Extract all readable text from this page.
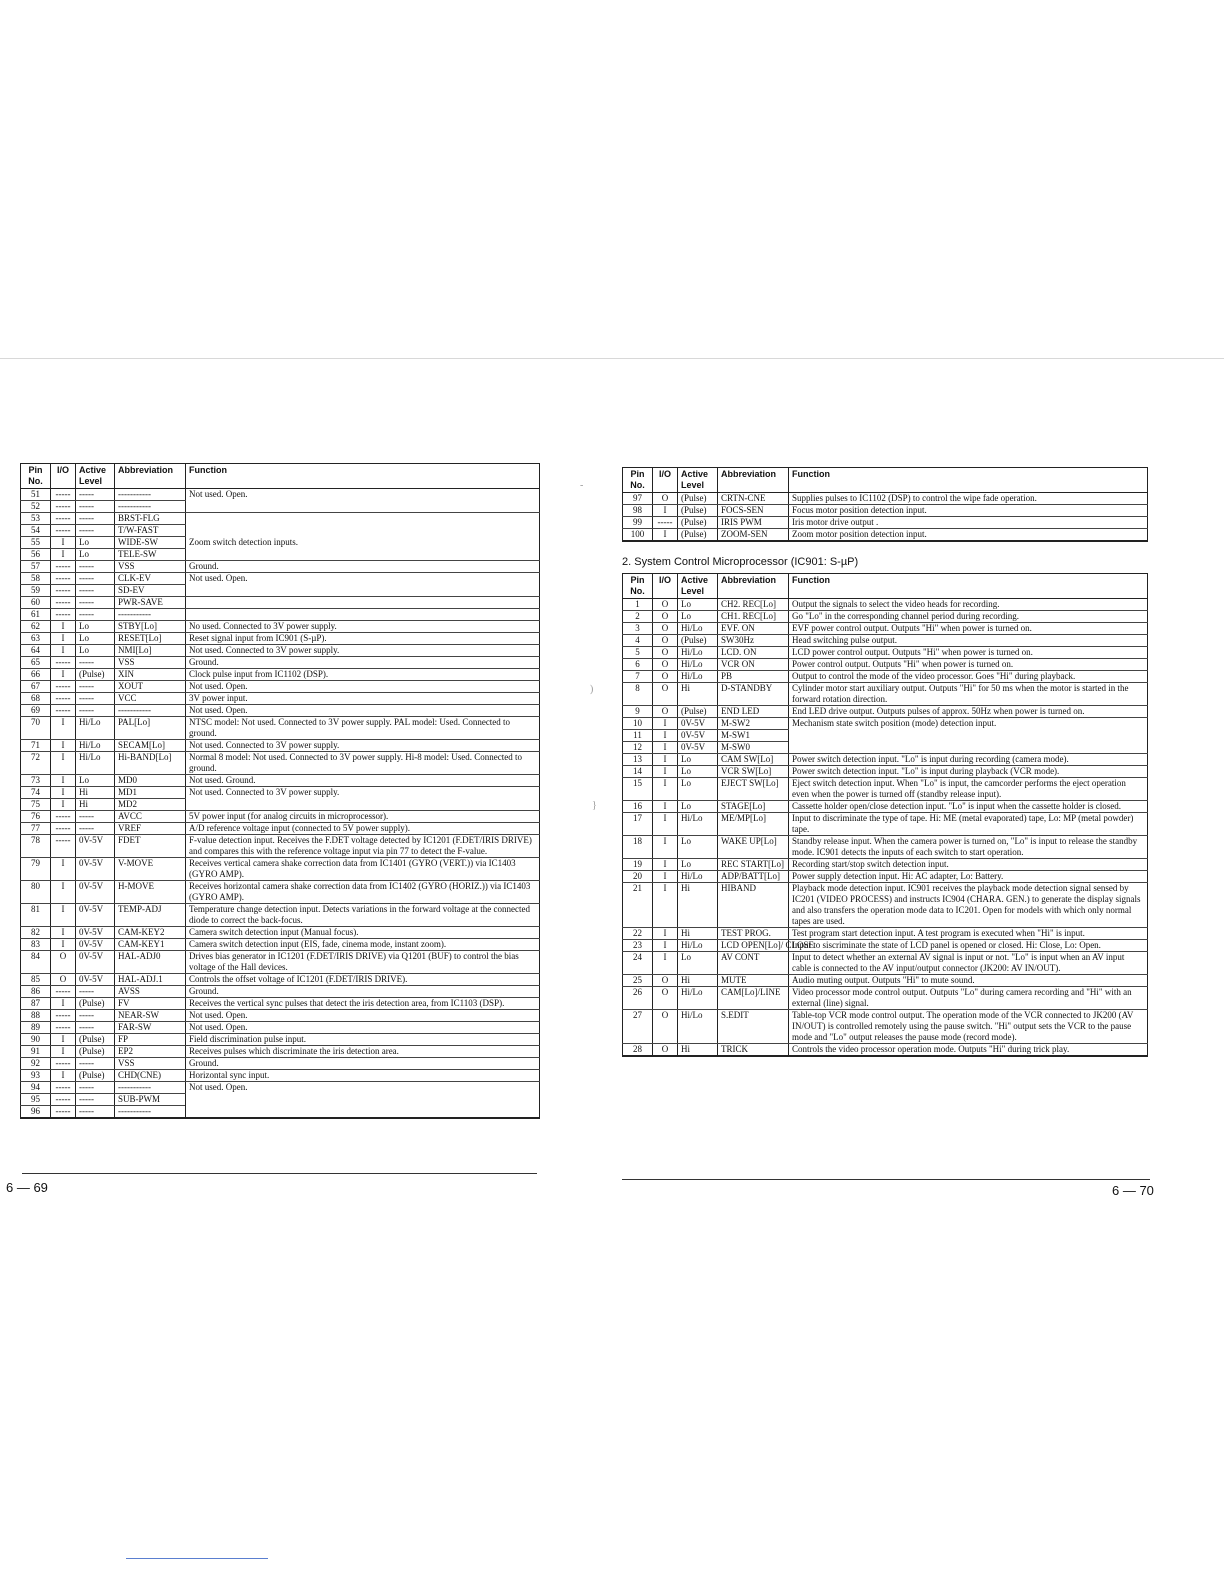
Pin No.	I/O	Active Level	Abbreviation	Function
51	-----	-----	-----------	Not used. Open.
52	-----	-----	-----------	
53	-----	-----	BRST-FLG	
54	-----	-----	T/W-FAST	
55	I	Lo	WIDE-SW	Zoom switch detection inputs.
56	I	Lo	TELE-SW	
57	-----	-----	VSS	Ground.
58	-----	-----	CLK-EV	Not used. Open.
59	-----	-----	SD-EV	
60	-----	-----	PWR-SAVE	
61	-----	-----	-----------	
62	I	Lo	STBY[Lo]	No used. Connected to 3V power supply.
63	I	Lo	RESET[Lo]	Reset signal input from IC901 (S-µP).
64	I	Lo	NMI[Lo]	Not used. Connected to 3V power supply.
65	-----	-----	VSS	Ground.
66	I	(Pulse)	XIN	Clock pulse input from IC1102 (DSP).
67	-----	-----	XOUT	Not used. Open.
68	-----	-----	VCC	3V power input.
69	-----	-----	-----------	Not used. Open.
70	I	Hi/Lo	PAL[Lo]	NTSC model: Not used. Connected to 3V power supply. PAL model: Used. Connected to ground.
71	I	Hi/Lo	SECAM[Lo]	Not used. Connected to 3V power supply.
72	I	Hi/Lo	Hi-BAND[Lo]	Normal 8 model: Not used. Connected to 3V power supply. Hi-8 model: Used. Connected to ground.
73	I	Lo	MD0	Not used. Ground.
74	I	Hi	MD1	Not used. Connected to 3V power supply.
75	I	Hi	MD2	
76	-----	-----	AVCC	5V power input (for analog circuits in microprocessor).
77	-----	-----	VREF	A/D reference voltage input (connected to 5V power supply).
78	-----	0V-5V	FDET	F-value detection input. Receives the F.DET voltage detected by IC1201 (F.DET/IRIS DRIVE) and compares this with the reference voltage input via pin 77 to detect the F-value.
79	I	0V-5V	V-MOVE	Receives vertical camera shake correction data from IC1401 (GYRO (VERT.)) via IC1403 (GYRO AMP).
80	I	0V-5V	H-MOVE	Receives horizontal camera shake correction data from IC1402 (GYRO (HORIZ.)) via IC1403 (GYRO AMP).
81	I	0V-5V	TEMP-ADJ	Temperature change detection input. Detects variations in the forward voltage at the connected diode to correct the back-focus.
82	I	0V-5V	CAM-KEY2	Camera switch detection input (Manual focus).
83	I	0V-5V	CAM-KEY1	Camera switch detection input (EIS, fade, cinema mode, instant zoom).
84	O	0V-5V	HAL-ADJ0	Drives bias generator in IC1201 (F.DET/IRIS DRIVE) via Q1201 (BUF) to control the bias voltage of the Hall devices.
85	O	0V-5V	HAL-ADJ.1	Controls the offset voltage of IC1201 (F.DET/IRIS DRIVE).
86	-----	-----	AVSS	Ground.
87	I	(Pulse)	FV	Receives the vertical sync pulses that detect the iris detection area, from IC1103 (DSP).
88	-----	-----	NEAR-SW	Not used. Open.
89	-----	-----	FAR-SW	Not used. Open.
90	I	(Pulse)	FP	Field discrimination pulse input.
91	I	(Pulse)	EP2	Receives pulses which discriminate the iris detection area.
92	-----	-----	VSS	Ground.
93	I	(Pulse)	CHD(CNE)	Horizontal sync input.
94	-----	-----	-----------	Not used. Open.
95	-----	-----	SUB-PWM	
96	-----	-----	-----------	
-
)
}
Pin No.	I/O	Active Level	Abbreviation	Function
97	O	(Pulse)	CRTN-CNE	Supplies pulses to IC1102 (DSP) to control the wipe fade operation.
98	I	(Pulse)	FOCS-SEN	Focus motor position detection input.
99	-----	(Pulse)	IRIS PWM	Iris motor drive output .
100	I	(Pulse)	ZOOM-SEN	Zoom motor position detection input.
2. System Control Microprocessor (IC901: S-µP)
Pin No.	I/O	Active Level	Abbreviation	Function
1	O	Lo	CH2. REC[Lo]	Output the signals to select the video heads for recording.
2	O	Lo	CH1. REC[Lo]	Go "Lo" in the corresponding channel period during recording.
3	O	Hi/Lo	EVF. ON	EVF power control output. Outputs "Hi" when power is turned on.
4	O	(Pulse)	SW30Hz	Head switching pulse output.
5	O	Hi/Lo	LCD. ON	LCD power control output. Outputs "Hi" when power is turned on.
6	O	Hi/Lo	VCR ON	Power control output. Outputs "Hi" when power is turned on.
7	O	Hi/Lo	PB	Output to control the mode of the video processor. Goes "Hi" during playback.
8	O	Hi	D-STANDBY	Cylinder motor start auxiliary output. Outputs "Hi" for 50 ms when the motor is started in the forward rotation direction.
9	O	(Pulse)	END LED	End LED drive output. Outputs pulses of approx. 50Hz when power is turned on.
10	I	0V-5V	M-SW2	Mechanism state switch position (mode) detection input.
11	I	0V-5V	M-SW1	
12	I	0V-5V	M-SW0	
13	I	Lo	CAM SW[Lo]	Power switch detection input. "Lo" is input during recording (camera mode).
14	I	Lo	VCR SW[Lo]	Power switch detection input. "Lo" is input during playback (VCR mode).
15	I	Lo	EJECT SW[Lo]	Eject switch detection input. When "Lo" is input, the camcorder performs the eject operation even when the power is turned off (standby release input).
16	I	Lo	STAGE[Lo]	Cassette holder open/close detection input. "Lo" is input when the cassette holder is closed.
17	I	Hi/Lo	ME/MP[Lo]	Input to discriminate the type of tape. Hi: ME (metal evaporated) tape, Lo: MP (metal powder) tape.
18	I	Lo	WAKE UP[Lo]	Standby release input. When the camera power is turned on, "Lo" is input to release the standby mode. IC901 detects the inputs of each switch to start operation.
19	I	Lo	REC START[Lo]	Recording start/stop switch detection input.
20	I	Hi/Lo	ADP/BATT[Lo]	Power supply detection input. Hi: AC adapter, Lo: Battery.
21	I	Hi	HIBAND	Playback mode detection input. IC901 receives the playback mode detection signal sensed by IC201 (VIDEO PROCESS) and instructs IC904 (CHARA. GEN.) to generate the display signals and also transfers the operation mode data to IC201. Open for models with which only normal tapes are used.
22	I	Hi	TEST PROG.	Test program start detection input. A test program is executed when "Hi" is input.
23	I	Hi/Lo	LCD OPEN[Lo]/ CLOSE	Input to siscriminate the state of LCD panel is opened or closed. Hi: Close, Lo: Open.
24	I	Lo	AV CONT	Input to detect whether an external AV signal is input or not. "Lo" is input when an AV input cable is connected to the AV input/output connector (JK200: AV IN/OUT).
25	O	Hi	MUTE	Audio muting output. Outputs "Hi" to mute sound.
26	O	Hi/Lo	CAM[Lo]/LINE	Video processor mode control output. Outputs "Lo" during camera recording and "Hi" with an external (line) signal.
27	O	Hi/Lo	S.EDIT	Table-top VCR mode control output. The operation mode of the VCR connected to JK200 (AV IN/OUT) is controlled remotely using the pause switch. "Hi" output sets the VCR to the pause mode and "Lo" output releases the pause mode (record mode).
28	O	Hi	TRICK	Controls the video processor operation mode. Outputs "Hi" during trick play.
6 — 69	6 — 70
